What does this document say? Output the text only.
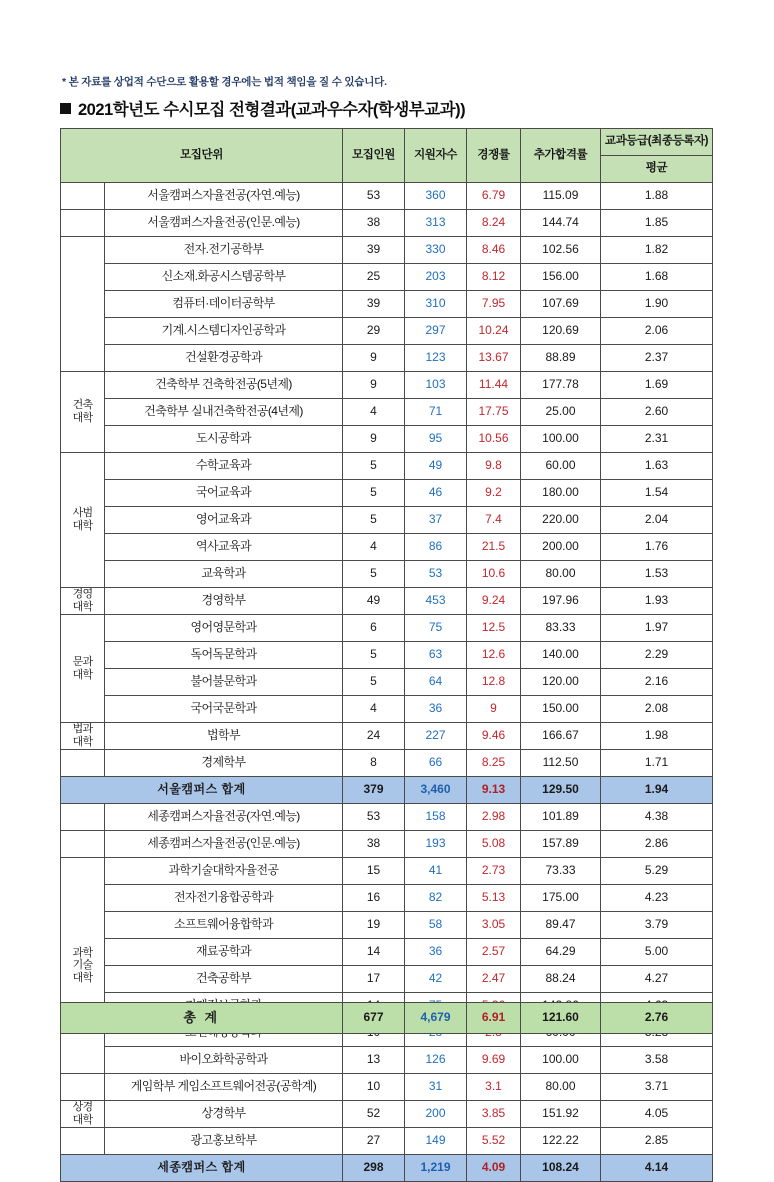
* 본 자료를 상업적 수단으로 활용할 경우에는 법적 책임을 질 수 있습니다.
2021학년도 수시모집 전형결과(교과우수자(학생부교과))
모집단위		모집인원	지원자수	경쟁률	추가합격률	교과등급(최종등록자)
						평균
	서울캠퍼스자율전공(자연.예능)	53	360	6.79	115.09	1.88
	서울캠퍼스자율전공(인문.예능)	38	313	8.24	144.74	1.85
	전자.전기공학부	39	330	8.46	102.56	1.82
	신소재.화공시스템공학부	25	203	8.12	156.00	1.68
	컴퓨터·데이터공학부	39	310	7.95	107.69	1.90
	기계.시스템디자인공학과	29	297	10.24	120.69	2.06
	건설환경공학과	9	123	13.67	88.89	2.37
건축
대학	건축학부 건축학전공(5년제)	9	103	11.44	177.78	1.69
	건축학부 실내건축학전공(4년제)	4	71	17.75	25.00	2.60
	도시공학과	9	95	10.56	100.00	2.31
사범
대학	수학교육과	5	49	9.8	60.00	1.63
	국어교육과	5	46	9.2	180.00	1.54
	영어교육과	5	37	7.4	220.00	2.04
	역사교육과	4	86	21.5	200.00	1.76
	교육학과	5	53	10.6	80.00	1.53
경영
대학	경영학부	49	453	9.24	197.96	1.93
문과
대학	영어영문학과	6	75	12.5	83.33	1.97
	독어독문학과	5	63	12.6	140.00	2.29
	불어불문학과	5	64	12.8	120.00	2.16
	국어국문학과	4	36	9	150.00	2.08
법과
대학	법학부	24	227	9.46	166.67	1.98
	경제학부	8	66	8.25	112.50	1.71
서울캠퍼스 합계		379	3,460	9.13	129.50	1.94
	세종캠퍼스자율전공(자연.예능)	53	158	2.98	101.89	4.38
	세종캠퍼스자율전공(인문.예능)	38	193	5.08	157.89	2.86
과학
기술
대학	과학기술대학자율전공	15	41	2.73	73.33	5.29
	전자전기융합공학과	16	82	5.13	175.00	4.23
	소프트웨어융합학과	19	58	3.05	89.47	3.79
	재료공학과	14	36	2.57	64.29	5.00
	건축공학부	17	42	2.47	88.24	4.27

	바이오화학공학과	13	126	9.69	100.00	3.58
	게임학부 게임소프트웨어전공(공학계)	10	31	3.1	80.00	3.71
상경
대학	상경학부	52	200	3.85	151.92	4.05
	광고홍보학부	27	149	5.52	122.22	2.85
세종캠퍼스 합계		298	1,219	4.09	108.24	4.14
총 계	677	4,679	6.91	121.60	2.76
